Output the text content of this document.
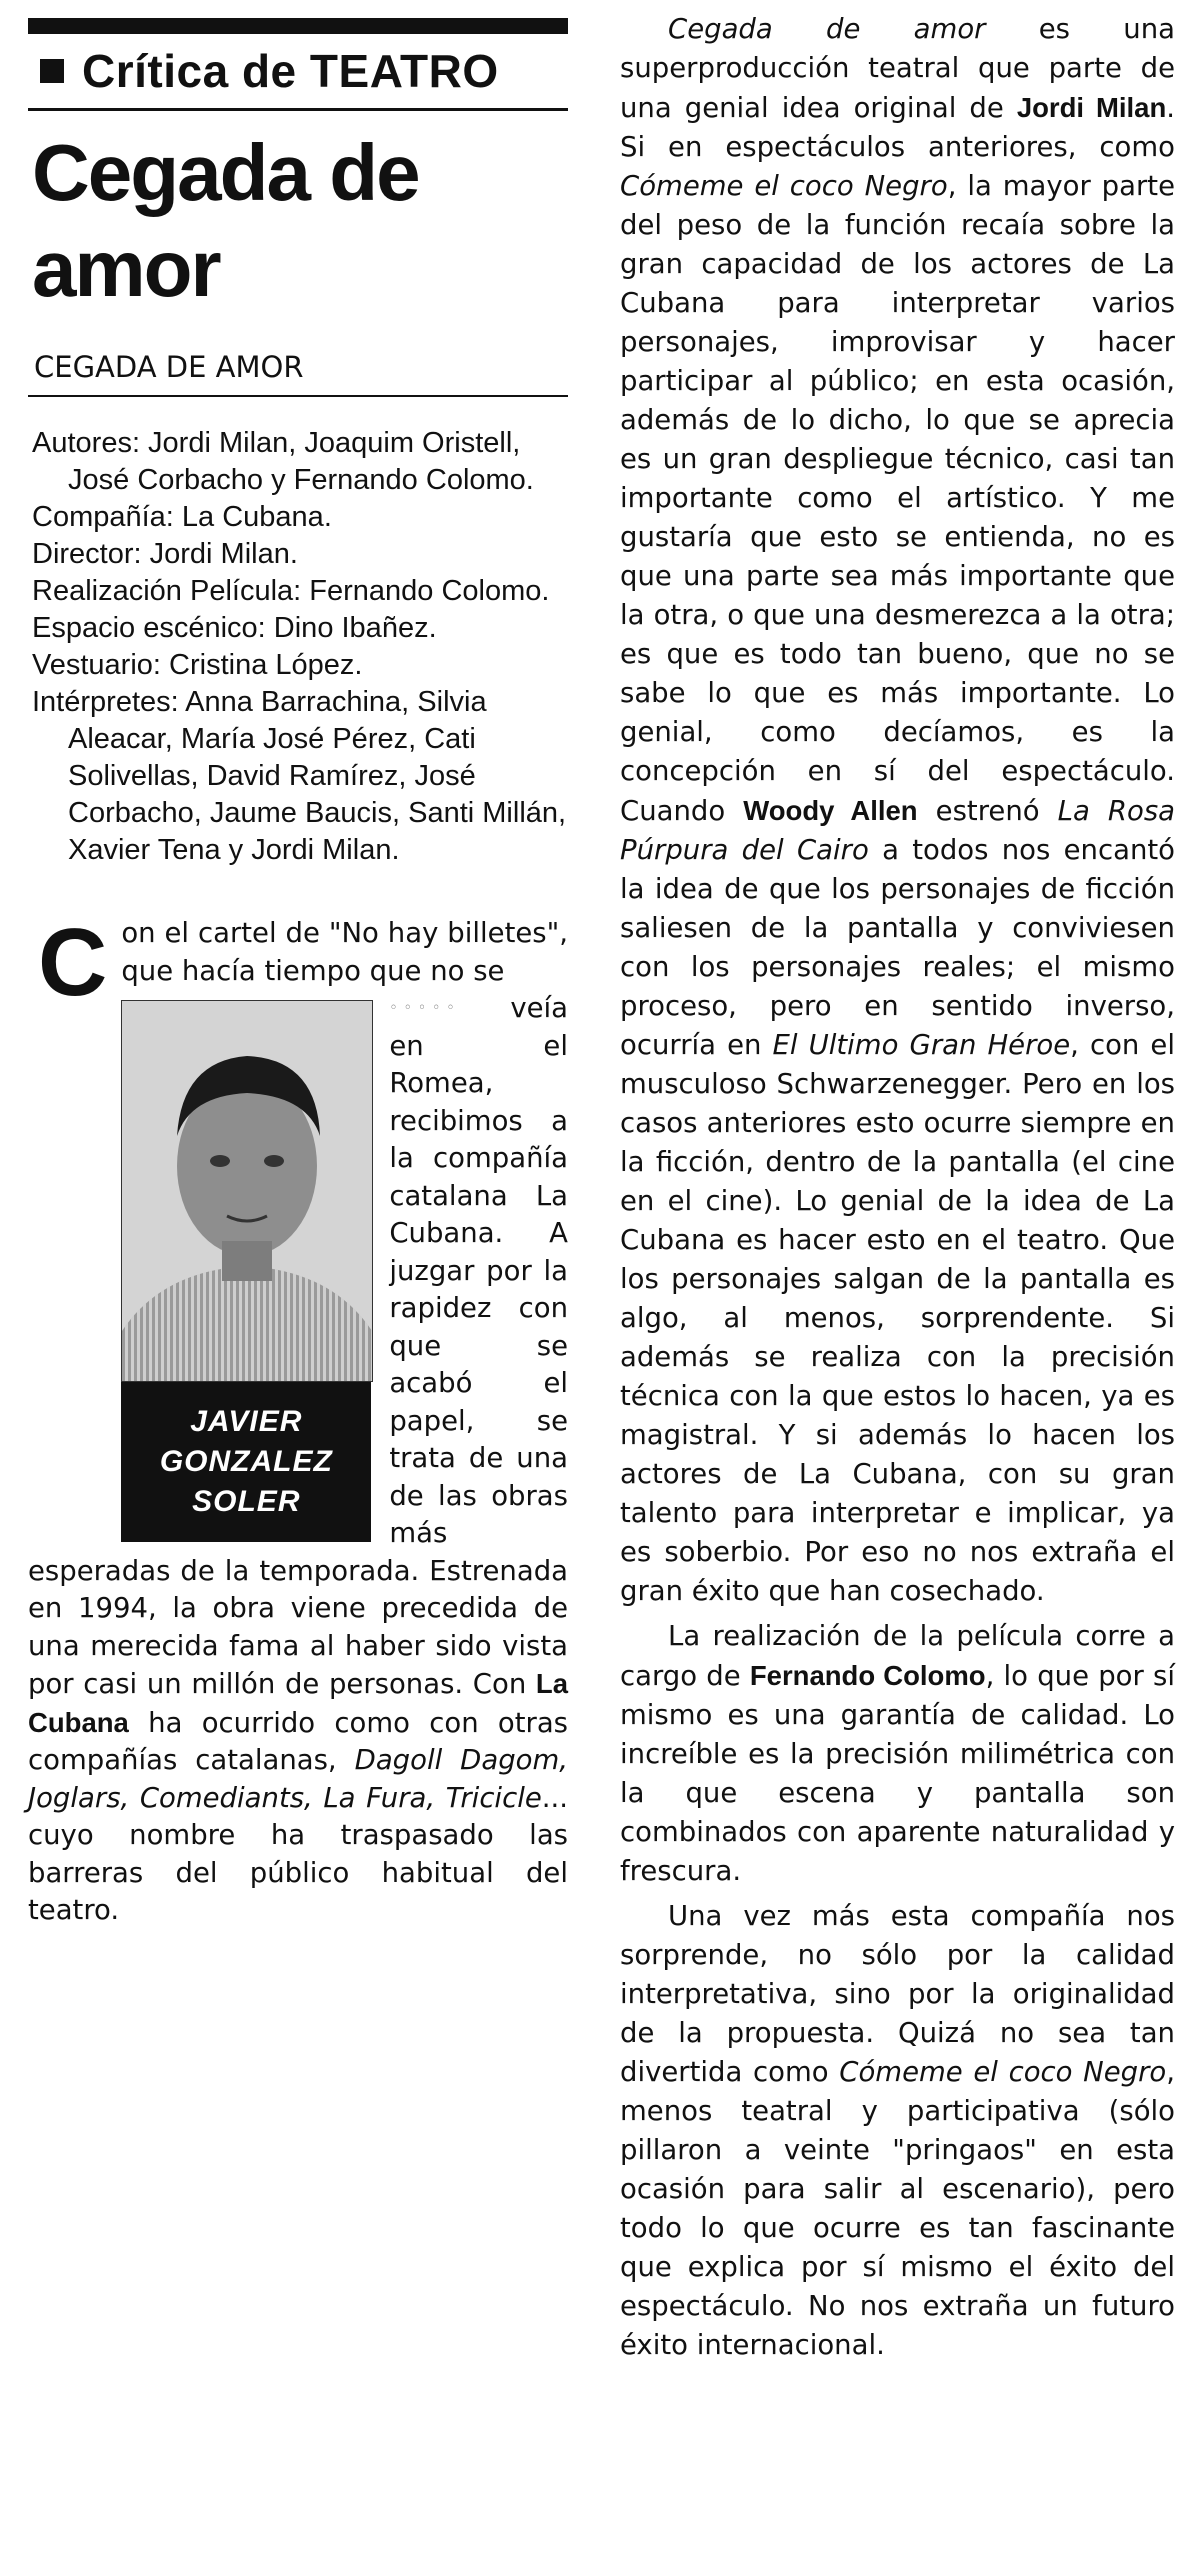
Crítica de TEATRO
Cegada de amor
CEGADA DE AMOR
Autores: Jordi Milan, Joaquim Oristell, José Corbacho y Fernando Colomo.
Compañía: La Cubana.
Director: Jordi Milan.
Realización Película: Fernando Colomo.
Espacio escénico: Dino Ibañez.
Vestuario: Cristina López.
Intérpretes: Anna Barrachina, Silvia Aleacar, María José Pérez, Cati Solivellas, David Ramírez, José Corbacho, Jaume Baucis, Santi Millán, Xavier Tena y Jordi Milan.
C on el cartel de "No hay billetes", que hacía tiempo que no se
◦◦◦◦◦
JAVIER
GONZALEZ
SOLER
veía en el Romea, recibimos a la compañía catalana La Cubana. A juzgar por la rapidez con que se acabó el papel, se trata de una de las obras más esperadas de la temporada. Estrenada en 1994, la obra viene precedida de una merecida fama al haber sido vista por casi un millón de personas. Con La Cubana ha ocurrido como con otras compañías catalanas, Dagoll Dagom, Joglars, Comediants, La Fura, Tricicle... cuyo nombre ha traspasado las barreras del público habitual del teatro.

Cegada de amor es una superproducción teatral que parte de una genial idea original de Jordi Milan. Si en espectáculos anteriores, como Cómeme el coco Negro, la mayor parte del peso de la función recaía sobre la gran capacidad de los actores de La Cubana para interpretar varios personajes, improvisar y hacer participar al público; en esta ocasión, además de lo dicho, lo que se aprecia es un gran despliegue técnico, casi tan importante como el artístico. Y me gustaría que esto se entienda, no es que una parte sea más importante que la otra, o que una desmerezca a la otra; es que es todo tan bueno, que no se sabe lo que es más importante. Lo genial, como decíamos, es la concepción en sí del espectáculo. Cuando Woody Allen estrenó La Rosa Púrpura del Cairo a todos nos encantó la idea de que los personajes de ficción saliesen de la pantalla y conviviesen con los personajes reales; el mismo proceso, pero en sentido inverso, ocurría en El Ultimo Gran Héroe, con el musculoso Schwarzenegger. Pero en los casos anteriores esto ocurre siempre en la ficción, dentro de la pantalla (el cine en el cine). Lo genial de la idea de La Cubana es hacer esto en el teatro. Que los personajes salgan de la pantalla es algo, al menos, sorprendente. Si además se realiza con la precisión técnica con la que estos lo hacen, ya es magistral. Y si además lo hacen los actores de La Cubana, con su gran talento para interpretar e implicar, ya es soberbio. Por eso no nos extraña el gran éxito que han cosechado.

La realización de la película corre a cargo de Fernando Colomo, lo que por sí mismo es una garantía de calidad. Lo increíble es la precisión milimétrica con la que escena y pantalla son combinados con aparente naturalidad y frescura.

Una vez más esta compañía nos sorprende, no sólo por la calidad interpretativa, sino por la originalidad de la propuesta. Quizá no sea tan divertida como Cómeme el coco Negro, menos teatral y participativa (sólo pillaron a veinte "pringaos" en esta ocasión para salir al escenario), pero todo lo que ocurre es tan fascinante que explica por sí mismo el éxito del espectáculo. No nos extraña un futuro éxito internacional.
